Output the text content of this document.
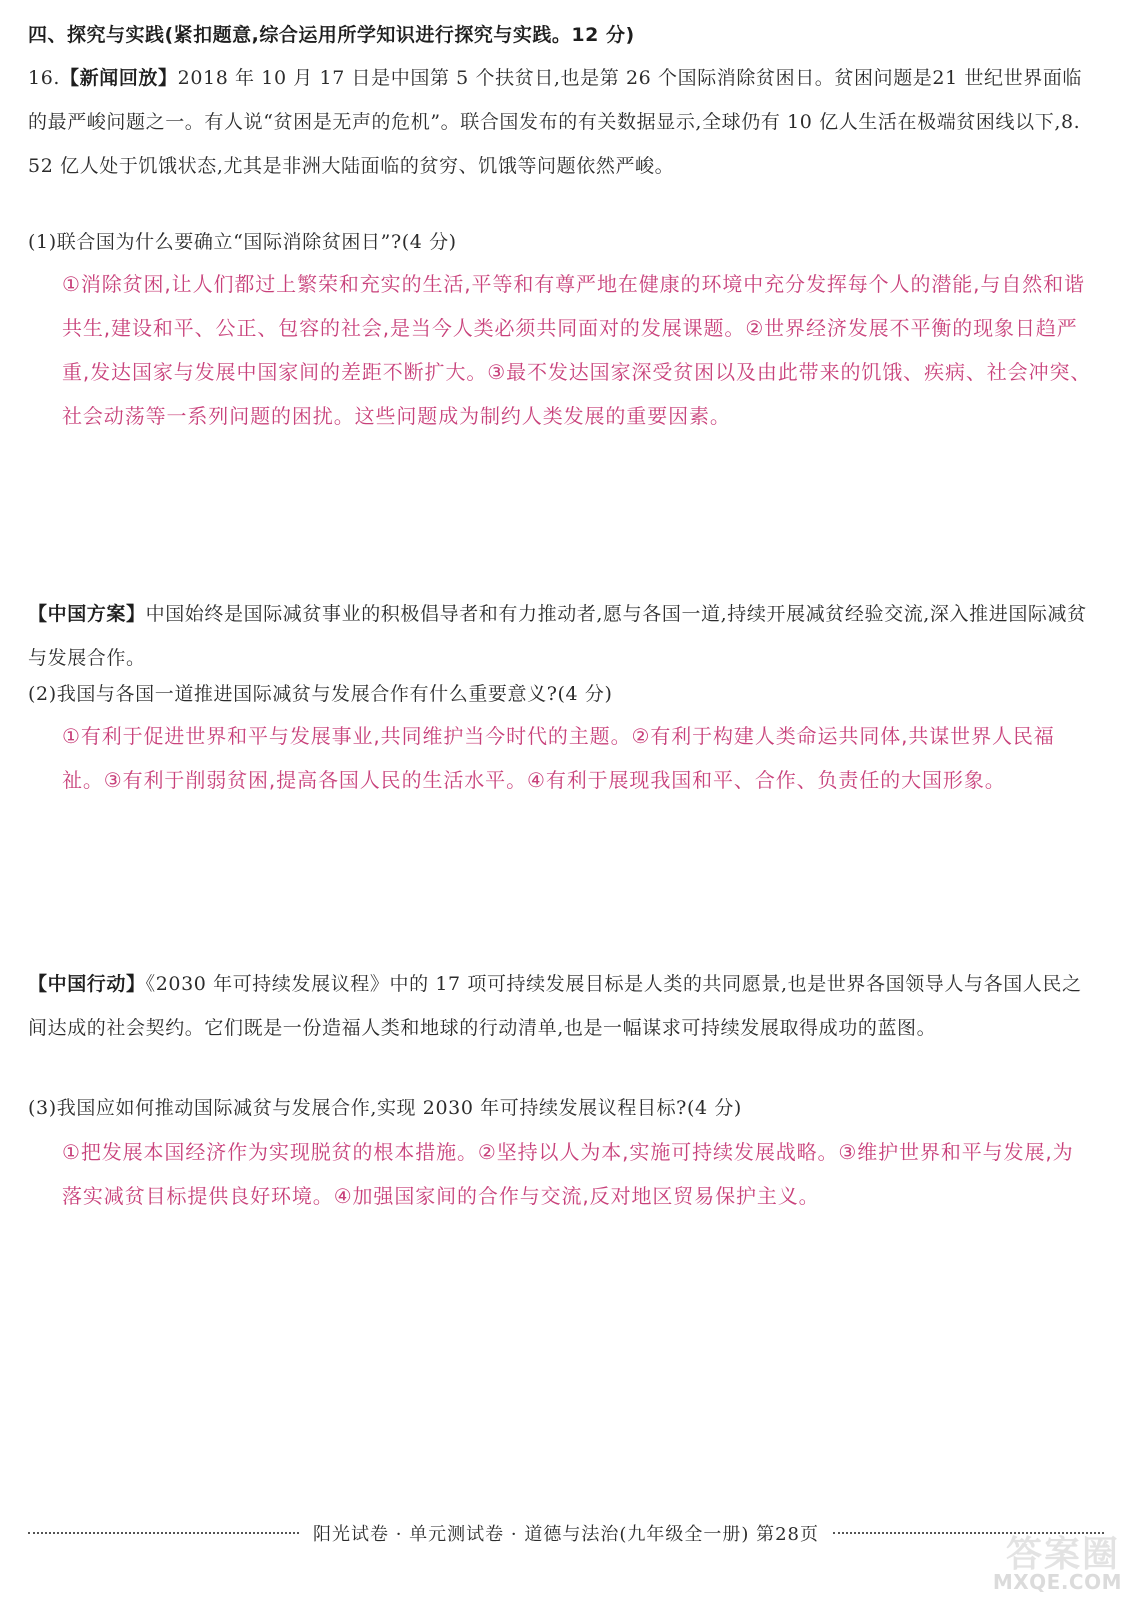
四、探究与实践(紧扣题意,综合运用所学知识进行探究与实践。12 分)
16.【新闻回放】2018 年 10 月 17 日是中国第 5 个扶贫日,也是第 26 个国际消除贫困日。贫困问题是21 世纪世界面临的最严峻问题之一。有人说“贫困是无声的危机”。联合国发布的有关数据显示,全球仍有 10 亿人生活在极端贫困线以下,8.52 亿人处于饥饿状态,尤其是非洲大陆面临的贫穷、饥饿等问题依然严峻。
(1)联合国为什么要确立“国际消除贫困日”?(4 分)
①消除贫困,让人们都过上繁荣和充实的生活,平等和有尊严地在健康的环境中充分发挥每个人的潜能,与自然和谐共生,建设和平、公正、包容的社会,是当今人类必须共同面对的发展课题。②世界经济发展不平衡的现象日趋严重,发达国家与发展中国家间的差距不断扩大。③最不发达国家深受贫困以及由此带来的饥饿、疾病、社会冲突、社会动荡等一系列问题的困扰。这些问题成为制约人类发展的重要因素。
【中国方案】中国始终是国际减贫事业的积极倡导者和有力推动者,愿与各国一道,持续开展减贫经验交流,深入推进国际减贫与发展合作。
(2)我国与各国一道推进国际减贫与发展合作有什么重要意义?(4 分)
①有利于促进世界和平与发展事业,共同维护当今时代的主题。②有利于构建人类命运共同体,共谋世界人民福祉。③有利于削弱贫困,提高各国人民的生活水平。④有利于展现我国和平、合作、负责任的大国形象。
【中国行动】《2030 年可持续发展议程》中的 17 项可持续发展目标是人类的共同愿景,也是世界各国领导人与各国人民之间达成的社会契约。它们既是一份造福人类和地球的行动清单,也是一幅谋求可持续发展取得成功的蓝图。
(3)我国应如何推动国际减贫与发展合作,实现 2030 年可持续发展议程目标?(4 分)
①把发展本国经济作为实现脱贫的根本措施。②坚持以人为本,实施可持续发展战略。③维护世界和平与发展,为落实减贫目标提供良好环境。④加强国家间的合作与交流,反对地区贸易保护主义。
阳光试卷 · 单元测试卷 · 道德与法治(九年级全一册) 第28页	答案圈
MXQE.COM
